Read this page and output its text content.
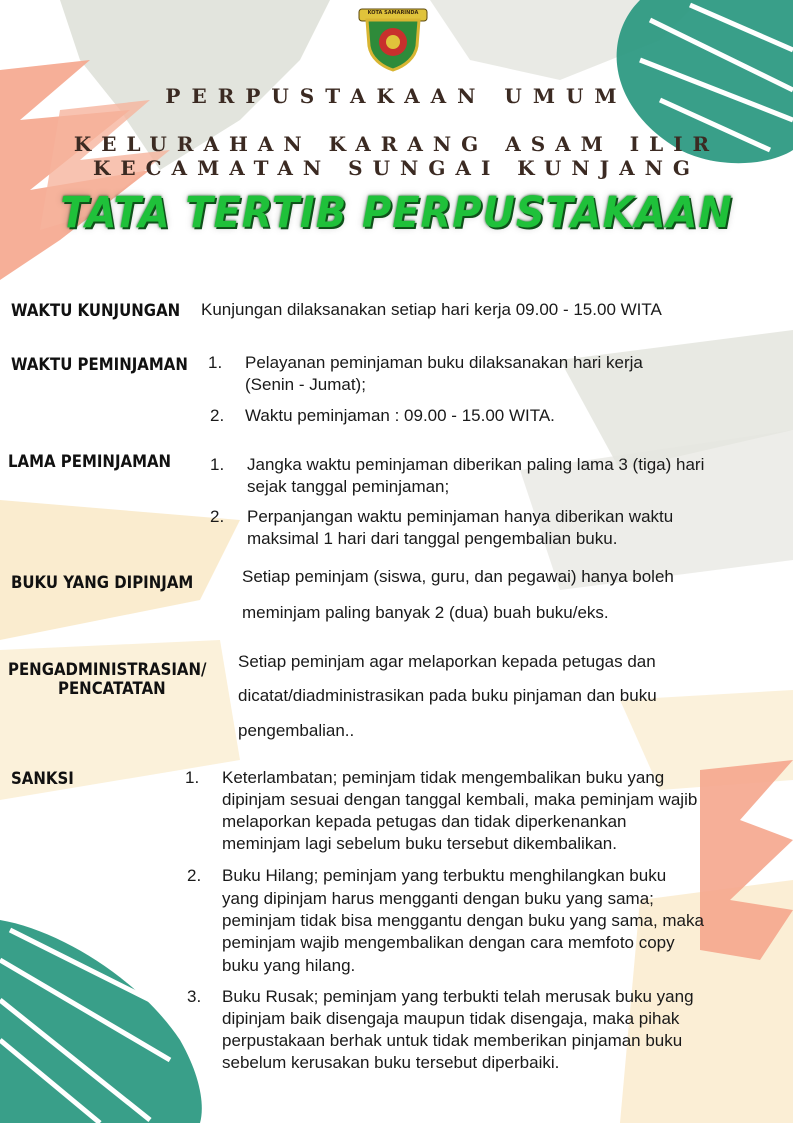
KOTA SAMARINDA
PERPUSTAKAAN UMUM
KELURAHAN KARANG ASAM ILIR
KECAMATAN SUNGAI KUNJANG
TATA TERTIB PERPUSTAKAAN
WAKTU KUNJUNGAN Kunjungan dilaksanakan setiap hari kerja 09.00 - 15.00 WITA
WAKTU PEMINJAMAN 1. Pelayanan peminjaman buku dilaksanakan hari kerja
(Senin - Jumat);
2. Waktu peminjaman : 09.00 - 15.00 WITA.
LAMA PEMINJAMAN 1. Jangka waktu peminjaman diberikan paling lama 3 (tiga) hari
sejak tanggal peminjaman;
2. Perpanjangan waktu peminjaman hanya diberikan waktu
maksimal 1 hari dari tanggal pengembalian buku.
BUKU YANG DIPINJAM	Setiap peminjam (siswa, guru, dan pegawai) hanya boleh
meminjam paling banyak 2 (dua) buah buku/eks.
PENGADMINISTRASIAN/
PENCATATAN
Setiap peminjam agar melaporkan kepada petugas dan
dicatat/diadministrasikan pada buku pinjaman dan buku
pengembalian..
SANKSI	1. Keterlambatan; peminjam tidak mengembalikan buku yang
dipinjam sesuai dengan tanggal kembali, maka peminjam wajib
melaporkan kepada petugas dan tidak diperkenankan
meminjam lagi sebelum buku tersebut dikembalikan.
2. Buku Hilang; peminjam yang terbuktu menghilangkan buku
yang dipinjam harus mengganti dengan buku yang sama;
peminjam tidak bisa menggantu dengan buku yang sama, maka
peminjam wajib mengembalikan dengan cara memfoto copy
buku yang hilang.
3. Buku Rusak; peminjam yang terbukti telah merusak buku yang
dipinjam baik disengaja maupun tidak disengaja, maka pihak
perpustakaan berhak untuk tidak memberikan pinjaman buku
sebelum kerusakan buku tersebut diperbaiki.
